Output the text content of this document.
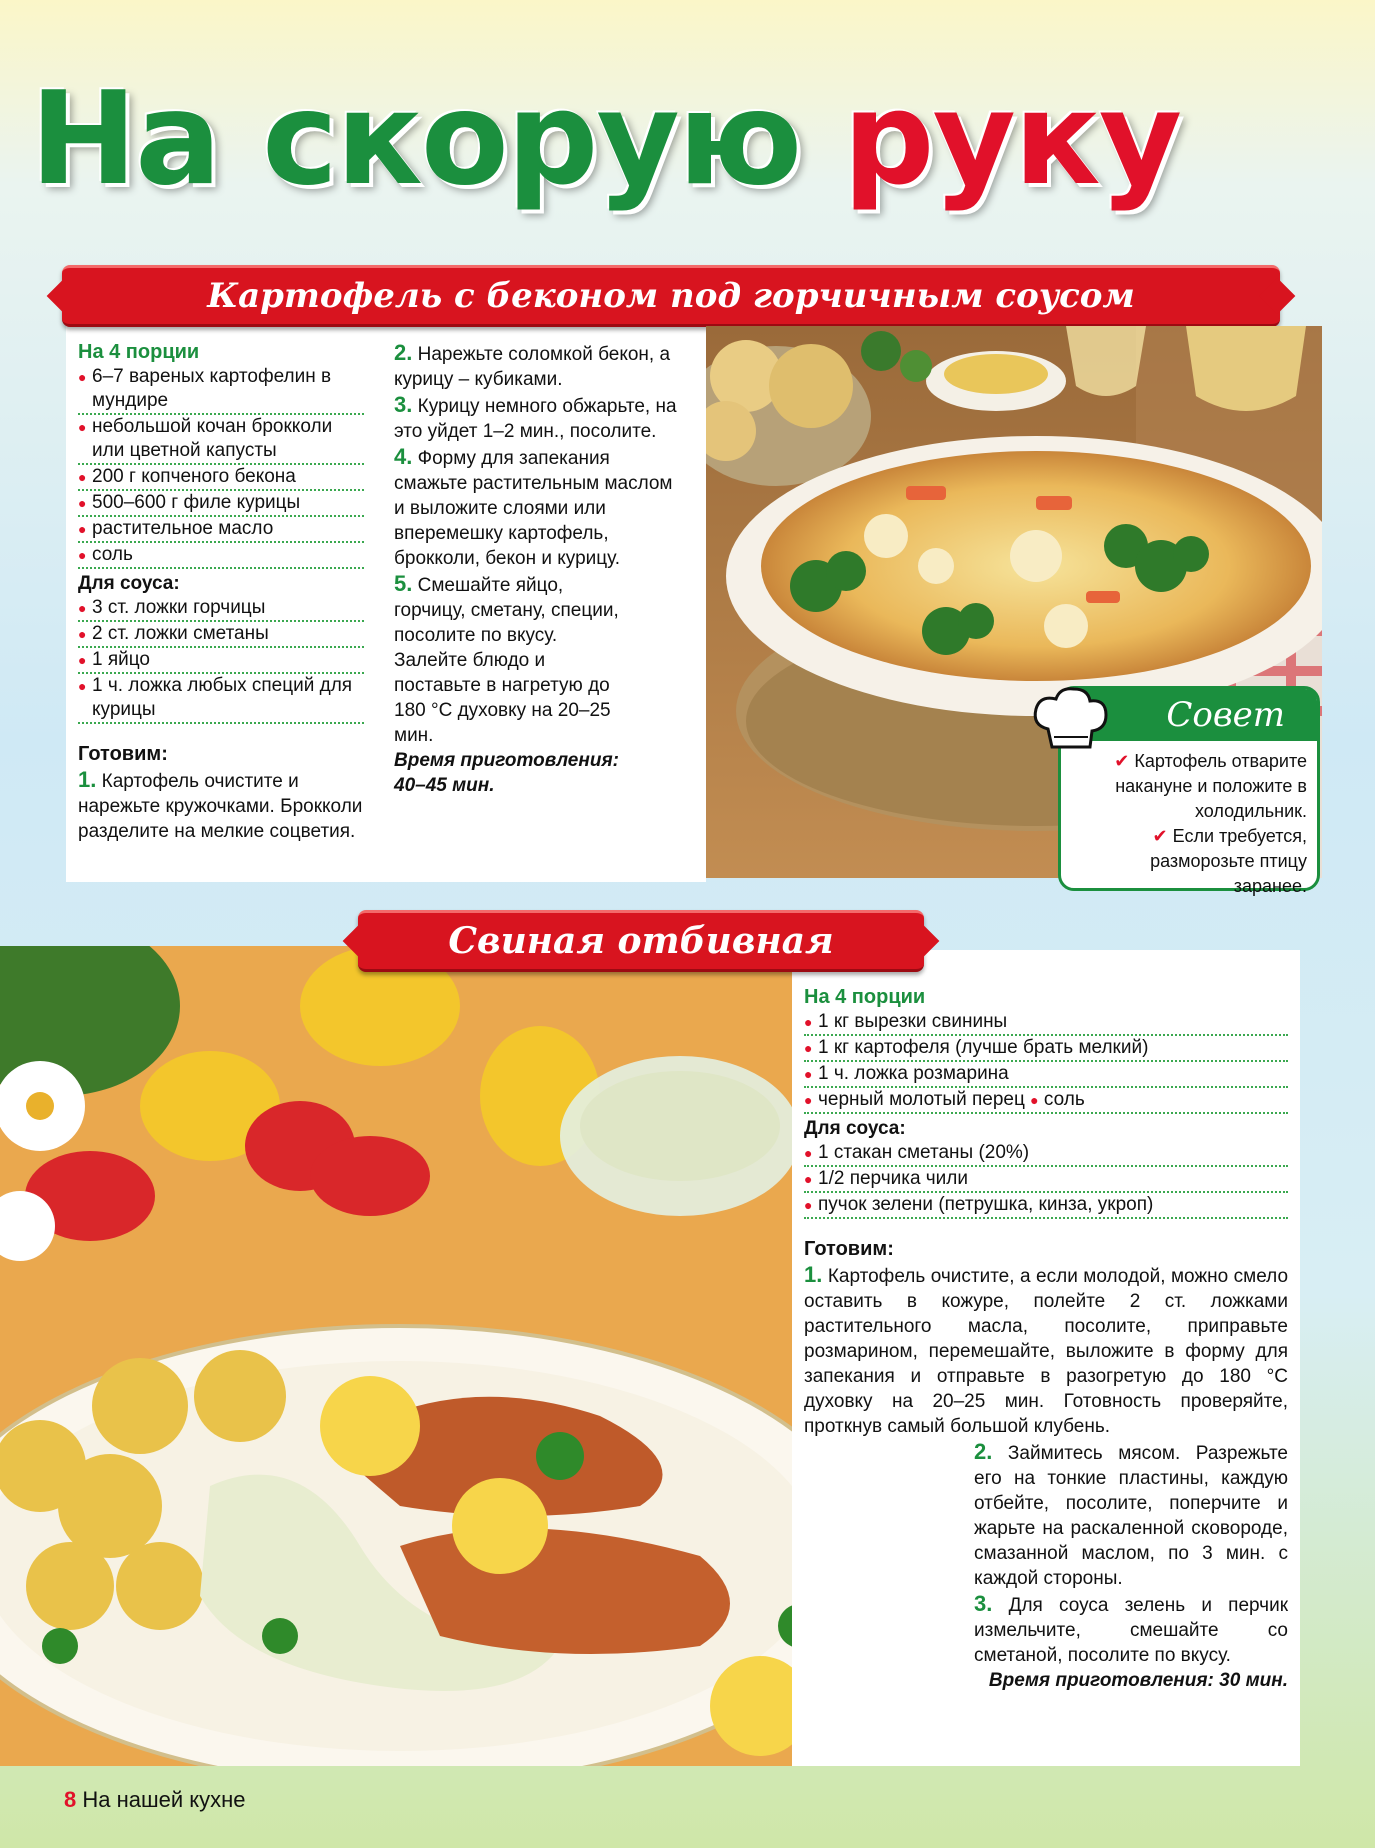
На скорую руку
Картофель с беконом под горчичным соусом
На 4 порции
● 6–7 вареных картофелин в мундире
● небольшой кочан брокколи или цветной капусты
● 200 г копченого бекона
● 500–600 г филе курицы
● растительное масло
● соль
Для соуса:
● 3 ст. ложки горчицы
● 2 ст. ложки сметаны
● 1 яйцо
● 1 ч. ложка любых специй для курицы
Готовим:
1. Картофель очистите и нарежьте кружочками. Брокколи разделите на мелкие соцветия.
2. Нарежьте соломкой бекон, а курицу – кубиками.
3. Курицу немного обжарьте, на это уйдет 1–2 мин., посолите.
4. Форму для запекания смажьте растительным маслом и выложите слоями или вперемешку картофель, брокколи, бекон и курицу.
5. Смешайте яйцо, горчицу, сметану, специи, посолите по вкусу. Залейте блюдо и поставьте в нагретую до 180 °С духовку на 20–25 мин.
Время приготовления:
40–45 мин.
Совет
✔ Картофель отварите накануне и положите в холодильник.
✔ Если требуется, разморозьте птицу заранее.
Свиная отбивная
На 4 порции
● 1 кг вырезки свинины
● 1 кг картофеля (лучше брать мелкий)
● 1 ч. ложка розмарина
● черный молотый перец ● соль
Для соуса:
● 1 стакан сметаны (20%)
● 1/2 перчика чили
● пучок зелени (петрушка, кинза, укроп)
Готовим:
1. Картофель очистите, а если молодой, можно смело оставить в кожуре, полейте 2 ст. ложками растительного масла, посолите, приправьте розмарином, перемешайте, выложите в форму для запекания и отправьте в разогретую до 180 °С духовку на 20–25 мин. Готовность проверяйте, проткнув самый большой клубень.
2. Займитесь мясом. Разрежьте его на тонкие пластины, каждую отбейте, посолите, поперчите и жарьте на раскаленной сковороде, смазанной маслом, по 3 мин. с каждой стороны.
3. Для соуса зелень и перчик измельчите, смешайте со сметаной, посолите по вкусу.
Время приготовления: 30 мин.
8 На нашей кухне
